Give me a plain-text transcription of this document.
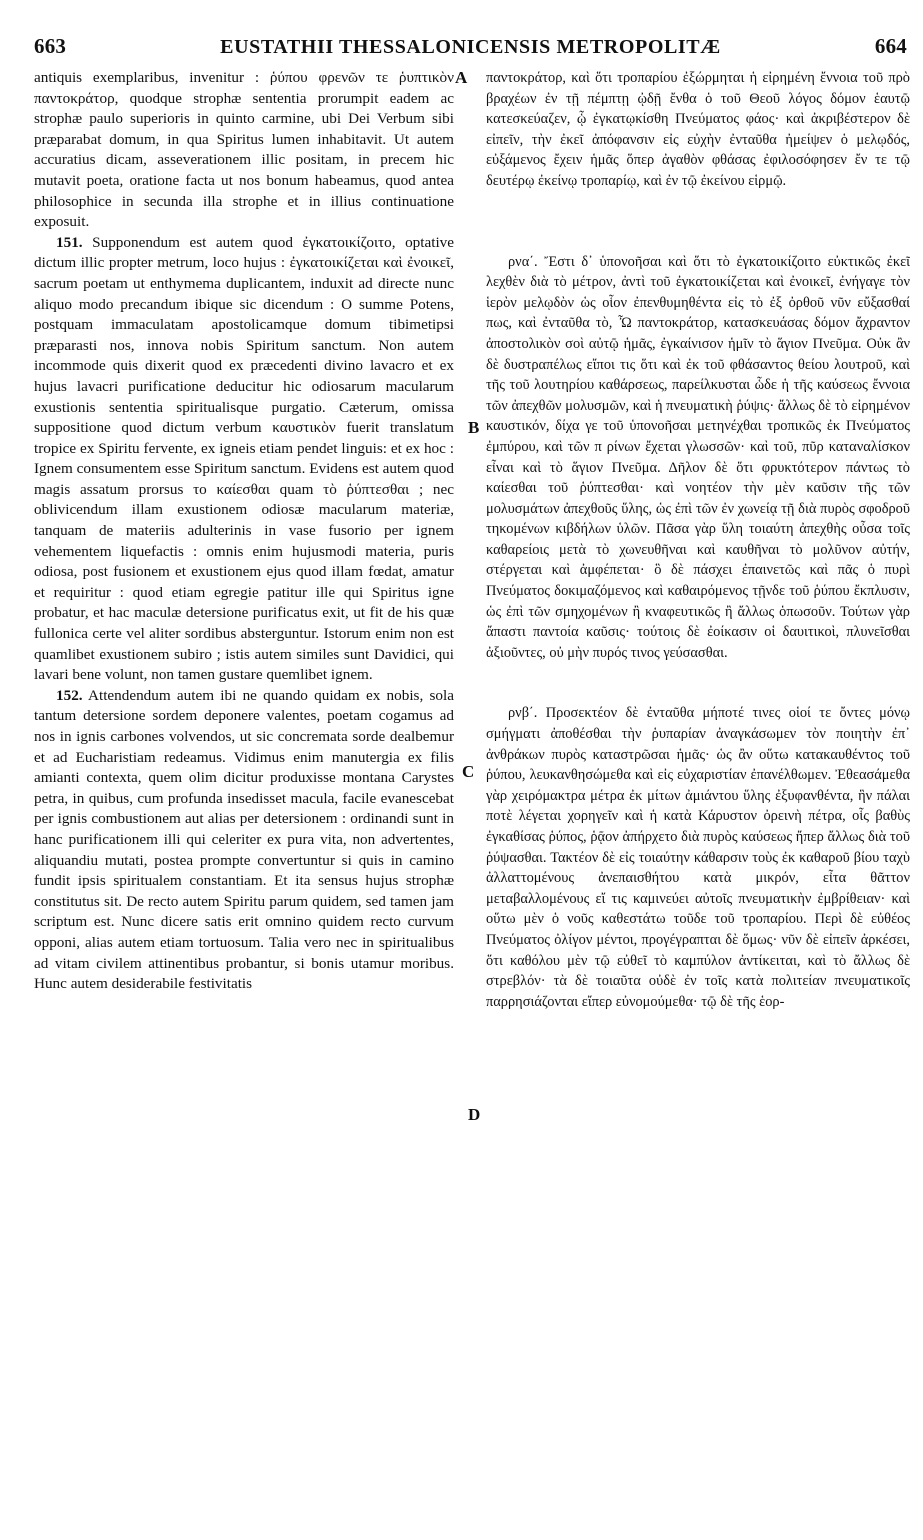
663	EUSTATHII THESSALONICENSIS METROPOLITÆ	664
A
B
C
D

antiquis exemplaribus, invenitur : ῥύπου φρενῶν τε ῥυπτικὸν παντοκράτορ, quodque strophæ sententia prorumpit eadem ac strophæ paulo superioris in quinto carmine, ubi Dei Verbum sibi præparabat domum, in qua Spiritus lumen inhabitavit. Ut autem accuratius dicam, asseverationem illic positam, in precem hic mutavit poeta, oratione facta ut nos bonum habeamus, quod antea philosophice in secunda illa strophe et in illius continuatione exposuit.

151. Supponendum est autem quod ἐγκατοικίζοιτο, optative dictum illic propter metrum, loco hujus : ἐγκατοικίζεται καὶ ἐνοικεῖ, sacrum poetam ut enthymema duplicantem, induxit ad directe nunc aliquo modo precandum ibique sic dicendum : O summe Potens, postquam immaculatam apostolicamque domum tibimetipsi præparasti nos, innova nobis Spiritum sanctum. Non autem incommode quis dixerit quod ex præcedenti divino lavacro et ex hujus lavacri purificatione deducitur hic odiosarum macularum exustionis sententia spiritualisque purgatio. Cæterum, omissa suppositione quod dictum verbum καυστικὸν fuerit translatum tropice ex Spiritu fervente, ex igneis etiam pendet linguis: et ex hoc : Ignem consumentem esse Spiritum sanctum. Evidens est autem quod magis assatum prorsus το καίεσθαι quam τὸ ῥύπτεσθαι ; nec oblivicendum illam exustionem odiosæ macularum materiæ, tanquam de materiis adulterinis in vase fusorio per ignem vehementem liquefactis : omnis enim hujusmodi materia, puris odiosa, post fusionem et exustionem ejus quod illam fœdat, amatur et requiritur : quod etiam egregie patitur ille qui Spiritus igne probatur, et hac maculæ detersione purificatus exit, ut fit de his quæ fullonica certe vel aliter sordibus absterguntur. Istorum enim non est quamlibet exustionem subiro ; istis autem similes sunt Davidici, qui lavari bene volunt, non tamen gustare quemlibet ignem.

152. Attendendum autem ibi ne quando quidam ex nobis, sola tantum detersione sordem deponere valentes, poetam cogamus ad nos in ignis carbones volvendos, ut sic concremata sorde dealbemur et ad Eucharistiam redeamus. Vidimus enim manutergia ex filis amianti contexta, quem olim dicitur produxisse montana Carystes petra, in quibus, cum profunda insedisset macula, facile evanescebat per ignis combustionem aut alias per detersionem : ordinandi sunt in hanc purificationem illi qui celeriter ex pura vita, non advertentes, aliquandiu mutati, postea prompte convertuntur si quis in camino fundit ipsis spiritualem constantiam. Et ita sensus hujus strophæ constitutus sit. De recto autem Spiritu parum quidem, sed tamen jam scriptum est. Nunc dicere satis erit omnino quidem recto curvum opponi, alias autem etiam tortuosum. Talia vero nec in spiritualibus ad vitam civilem attinentibus probantur, si bonis utamur moribus. Hunc autem desiderabile festivitatis

παντοκράτορ, καὶ ὅτι τροπαρίου ἐξώρμηται ἡ εἰρημένη ἔννοια τοῦ πρὸ βραχέων ἐν τῇ πέμπτῃ ᾠδῇ ἔνθα ὁ τοῦ Θεοῦ λόγος δόμον ἑαυτῷ κατεσκεύαζεν, ᾧ ἐγκατῳκίσθη Πνεύματος φάος· καὶ ἀκριβέστερον δὲ εἰπεῖν, τὴν ἐκεῖ ἀπόφανσιν εἰς εὐχὴν ἐνταῦθα ἠμείψεν ὁ μελῳδός, εὐξάμενος ἔχειν ἡμᾶς ὅπερ ἀγαθὸν φθάσας ἐφιλοσόφησεν ἔν τε τῷ δευτέρῳ ἐκείνῳ τροπαρίῳ, καὶ ἐν τῷ ἐκείνου εἱρμῷ.

ρνα΄. Ἔστι δ᾽ ὑπονοῆσαι καὶ ὅτι τὸ ἐγκατοικίζοιτο εὐκτικῶς ἐκεῖ λεχθὲν διὰ τὸ μέτρον, ἀντὶ τοῦ ἐγκατοικίζεται καὶ ἐνοικεῖ, ἐνήγαγε τὸν ἱερὸν μελῳδὸν ὡς οἷον ἐπενθυμηθέντα εἰς τὸ ἐξ ὀρθοῦ νῦν εὔξασθαί πως, καὶ ἐνταῦθα τὸ, Ὦ παντοκράτορ, κατασκευάσας δόμον ἄχραντον ἀποστολικὸν σοὶ αὐτῷ ἡμᾶς, ἐγκαίνισον ἡμῖν τὸ ἅγιον Πνεῦμα. Οὐκ ἂν δὲ δυστραπέλως εἴποι τις ὅτι καὶ ἐκ τοῦ φθάσαντος θείου λουτροῦ, καὶ τῆς τοῦ λουτηρίου καθάρσεως, παρείλκυσται ὧδε ἡ τῆς καύσεως ἔννοια τῶν ἀπεχθῶν μολυσμῶν, καὶ ἡ πνευματικὴ ῥύψις· ἄλλως δὲ τὸ εἰρημένον καυστικόν, δίχα γε τοῦ ὑπονοῆσαι μετηνέχθαι τροπικῶς ἐκ Πνεύματος ἐμπύρου, καὶ τῶν π ρίνων ἔχεται γλωσσῶν· καὶ τοῦ, πῦρ καταναλίσκον εἶναι καὶ τὸ ἅγιον Πνεῦμα. Δῆλον δὲ ὅτι φρυκτότερον πάντως τὸ καίεσθαι τοῦ ῥύπτεσθαι· καὶ νοητέον τὴν μὲν καῦσιν τῆς τῶν μολυσμάτων ἀπεχθοῦς ὕλης, ὡς ἐπὶ τῶν ἐν χωνείᾳ τῇ διὰ πυρὸς σφοδροῦ τηκομένων κιβδήλων ὑλῶν. Πᾶσα γὰρ ὕλη τοιαύτη ἀπεχθὴς οὖσα τοῖς καθαρείοις μετὰ τὸ χωνευθῆναι καὶ καυθῆναι τὸ μολῦνον αὐτήν, στέργεται καὶ ἀμφέπεται· ὃ δὲ πάσχει ἐπαινετῶς καὶ πᾶς ὁ πυρὶ Πνεύματος δοκιμαζόμενος καὶ καθαιρόμενος τῇνδε τοῦ ῥύπου ἔκπλυσιν, ὡς ἐπὶ τῶν σμηχομένων ἢ κναφευτικῶς ἢ ἄλλως ὁπωσοῦν. Τούτων γὰρ ἄπαστι παντοία καῦσις· τούτοις δὲ ἐοίκασιν οἱ δαυιτικοὶ, πλυνεῖσθαι ἀξιοῦντες, οὐ μὴν πυρός τινος γεύσασθαι.

ρνβ΄. Προσεκτέον δὲ ἐνταῦθα μήποτέ τινες οἱοί τε ὄντες μόνῳ σμήγματι ἀποθέσθαι τὴν ῥυπαρίαν ἀναγκάσωμεν τὸν ποιητὴν ἐπ᾽ ἀνθράκων πυρὸς καταστρῶσαι ἡμᾶς· ὡς ἂν οὕτω κατακαυθέντος τοῦ ῥύπου, λευκανθησώμεθα καὶ εἰς εὐχαριστίαν ἐπανέλθωμεν. Ἐθεασάμεθα γὰρ χειρόμακτρα μέτρα ἐκ μίτων ἀμιάντου ὕλης ἐξυφανθέντα, ἣν πάλαι ποτὲ λέγεται χορηγεῖν καὶ ἡ κατὰ Κάρυστον ὀρεινὴ πέτρα, οἷς βαθὺς ἐγκαθίσας ῥύπος, ῥᾷον ἀπήρχετο διὰ πυρὸς καύσεως ἤπερ ἄλλως διὰ τοῦ ῥύψασθαι. Τακτέον δὲ εἰς τοιαύτην κάθαρσιν τοὺς ἐκ καθαροῦ βίου ταχὺ ἀλλαττομένους ἀνεπαισθήτου κατὰ μικρόν, εἶτα θᾶττον μεταβαλλομένους εἴ τις καμινεύει αὐτοῖς πνευματικὴν ἐμβρίθειαν· καὶ οὕτω μὲν ὁ νοῦς καθεστάτω τοῦδε τοῦ τροπαρίου. Περὶ δὲ εὐθέος Πνεύματος ὀλίγον μέντοι, προγέγραπται δὲ ὅμως· νῦν δὲ εἰπεῖν ἀρκέσει, ὅτι καθόλου μὲν τῷ εὐθεῖ τὸ καμπύλον ἀντίκειται, καὶ τὸ ἄλλως δὲ στρεβλόν· τὰ δὲ τοιαῦτα οὐδὲ ἐν τοῖς κατὰ πολιτείαν πνευματικοῖς παρρησιάζονται εἴπερ εὐνομούμεθα· τῷ δὲ τῆς ἑορ-
